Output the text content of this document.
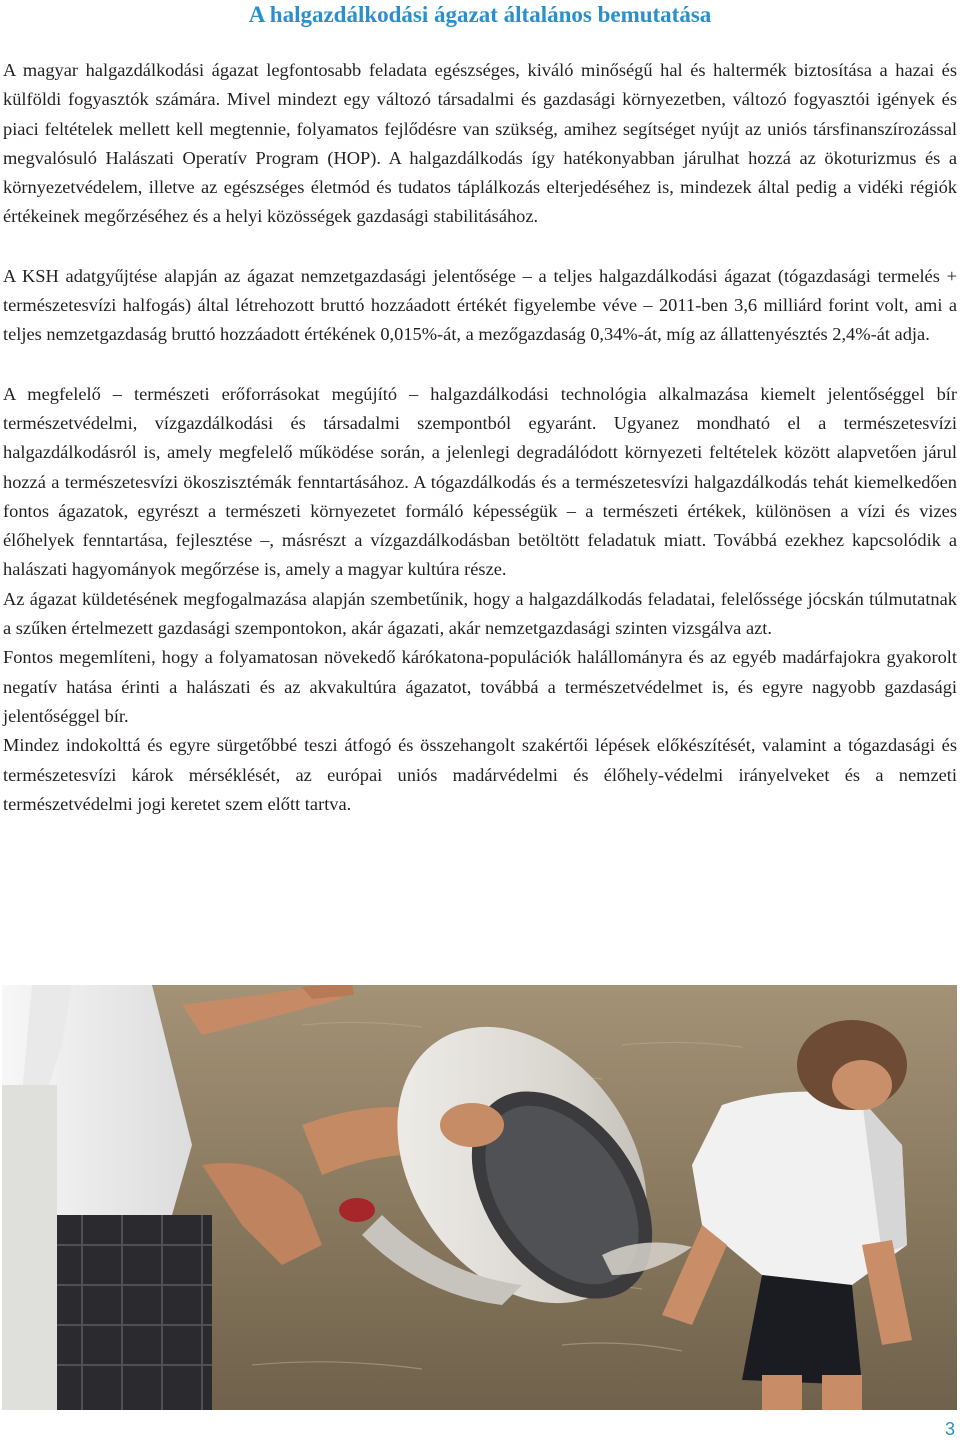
A halgazdálkodási ágazat általános bemutatása

A magyar halgazdálkodási ágazat legfontosabb feladata egészséges, kiváló minőségű hal és haltermék biztosítása a hazai és külföldi fogyasztók számára. Mivel mindezt egy változó társadalmi és gazdasági környezetben, változó fogyasztói igények és piaci feltételek mellett kell megtennie, folyamatos fejlődésre van szükség, amihez segítséget nyújt az uniós társfinanszírozással megvalósuló Halászati Operatív Program (HOP). A halgazdálkodás így hatékonyabban járulhat hozzá az ökoturizmus és a környezetvédelem, illetve az egészséges életmód és tudatos táplálkozás elterjedéséhez is, mindezek által pedig a vidéki régiók értékeinek megőrzéséhez és a helyi közösségek gazdasági stabilitásához.

A KSH adatgyűjtése alapján az ágazat nemzetgazdasági jelentősége – a teljes halgazdálkodási ágazat (tógazdasági termelés + természetesvízi halfogás) által létrehozott bruttó hozzáadott értékét figyelembe véve – 2011-ben 3,6 milliárd forint volt, ami a teljes nemzetgazdaság bruttó hozzáadott értékének 0,015%-át, a mezőgazdaság 0,34%-át, míg az állattenyésztés 2,4%-át adja.

A megfelelő – természeti erőforrásokat megújító – halgazdálkodási technológia alkalmazása kiemelt jelentőséggel bír természetvédelmi, vízgazdálkodási és társadalmi szempontból egyaránt. Ugyanez mondható el a természetesvízi halgazdálkodásról is, amely megfelelő működése során, a jelenlegi degradálódott környezeti feltételek között alapvetően járul hozzá a természetesvízi ökoszisztémák fenntartásához. A tógazdálkodás és a természetesvízi halgazdálkodás tehát kiemelkedően fontos ágazatok, egyrészt a természeti környezetet formáló képességük – a természeti értékek, különösen a vízi és vizes élőhelyek fenntartása, fejlesztése –, másrészt a vízgazdálkodásban betöltött feladatuk miatt. Továbbá ezekhez kapcsolódik a halászati hagyományok megőrzése is, amely a magyar kultúra része.

Az ágazat küldetésének megfogalmazása alapján szembetűnik, hogy a halgazdálkodás feladatai, felelőssége jócskán túlmutatnak a szűken értelmezett gazdasági szempontokon, akár ágazati, akár nemzetgazdasági szinten vizsgálva azt.

Fontos megemlíteni, hogy a folyamatosan növekedő kárókatona-populációk halállományra és az egyéb madárfajokra gyakorolt negatív hatása érinti a halászati és az akvakultúra ágazatot, továbbá a természetvédelmet is, és egyre nagyobb gazdasági jelentőséggel bír.

Mindez indokolttá és egyre sürgetőbbé teszi átfogó és összehangolt szakértői lépések előkészítését, valamint a tógazdasági és természetesvízi károk mérséklését, az európai uniós madárvédelmi és élőhely-védelmi irányelveket és a nemzeti természetvédelmi jogi keretet szem előtt tartva.

3
